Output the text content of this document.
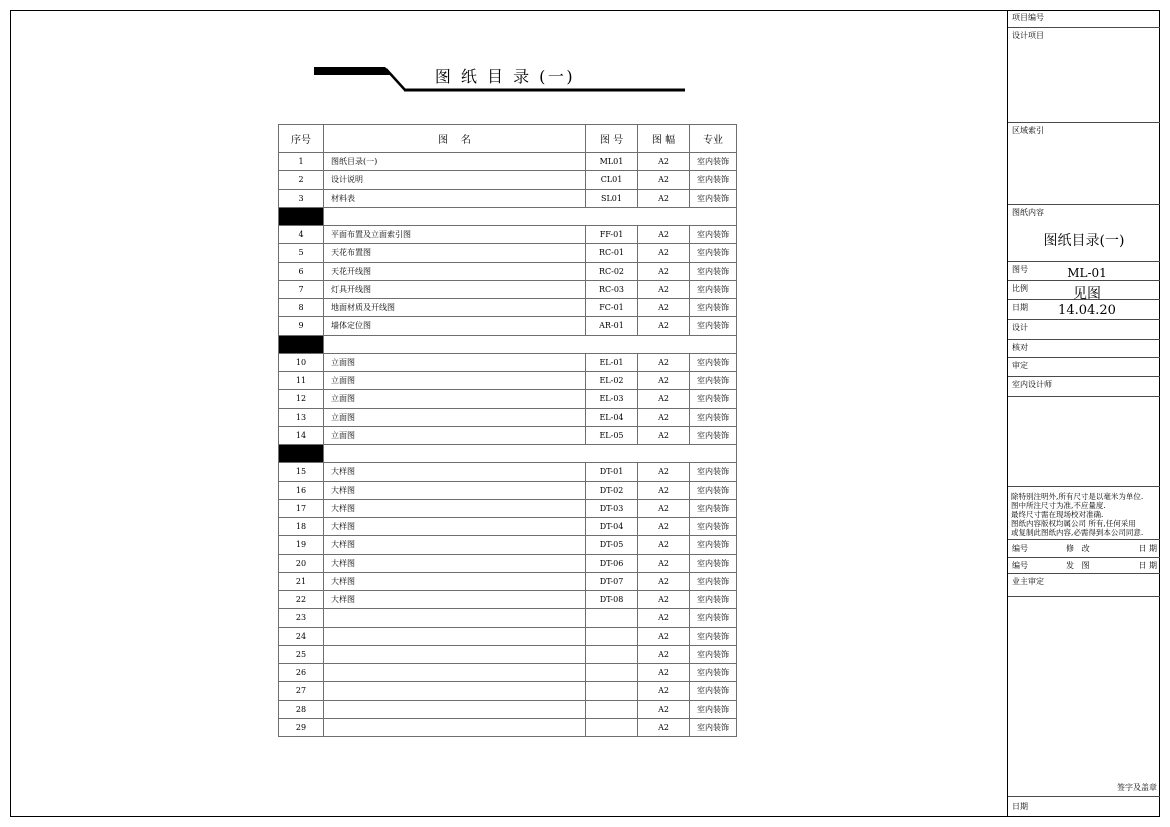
图 纸 目 录 (一)
序号	图    名	图 号	图 幅	专业
1	图纸目录(一)	ML01	A2	室内装饰
2	设计说明	CL01	A2	室内装饰
3	材料表	SL01	A2	室内装饰

4	平面布置及立面索引图	FF-01	A2	室内装饰
5	天花布置图	RC-01	A2	室内装饰
6	天花开线图	RC-02	A2	室内装饰
7	灯具开线图	RC-03	A2	室内装饰
8	地面材质及开线图	FC-01	A2	室内装饰
9	墙体定位图	AR-01	A2	室内装饰

10	立面图	EL-01	A2	室内装饰
11	立面图	EL-02	A2	室内装饰
12	立面图	EL-03	A2	室内装饰
13	立面图	EL-04	A2	室内装饰
14	立面图	EL-05	A2	室内装饰

15	大样图	DT-01	A2	室内装饰
16	大样图	DT-02	A2	室内装饰
17	大样图	DT-03	A2	室内装饰
18	大样图	DT-04	A2	室内装饰
19	大样图	DT-05	A2	室内装饰
20	大样图	DT-06	A2	室内装饰
21	大样图	DT-07	A2	室内装饰
22	大样图	DT-08	A2	室内装饰
23			A2	室内装饰
24			A2	室内装饰
25			A2	室内装饰
26			A2	室内装饰
27			A2	室内装饰
28			A2	室内装饰
29			A2	室内装饰
项目编号
设计项目
区域索引
图纸内容
图纸目录(一)
图号	ML-01
比例	见图
日期	14.04.20
设计
核对
审定
室内设计师
除特别注明外,所有尺寸是以毫米为单位.
图中所注尺寸为准,不应量度.
最终尺寸需在现场校对准确.
图纸内容版权均属公司 所有,任何采用
或复制此图纸内容,必需得到本公司同意.
编号	修   改	日 期
编号	发   图	日 期
业主审定
签字及盖章
日期
